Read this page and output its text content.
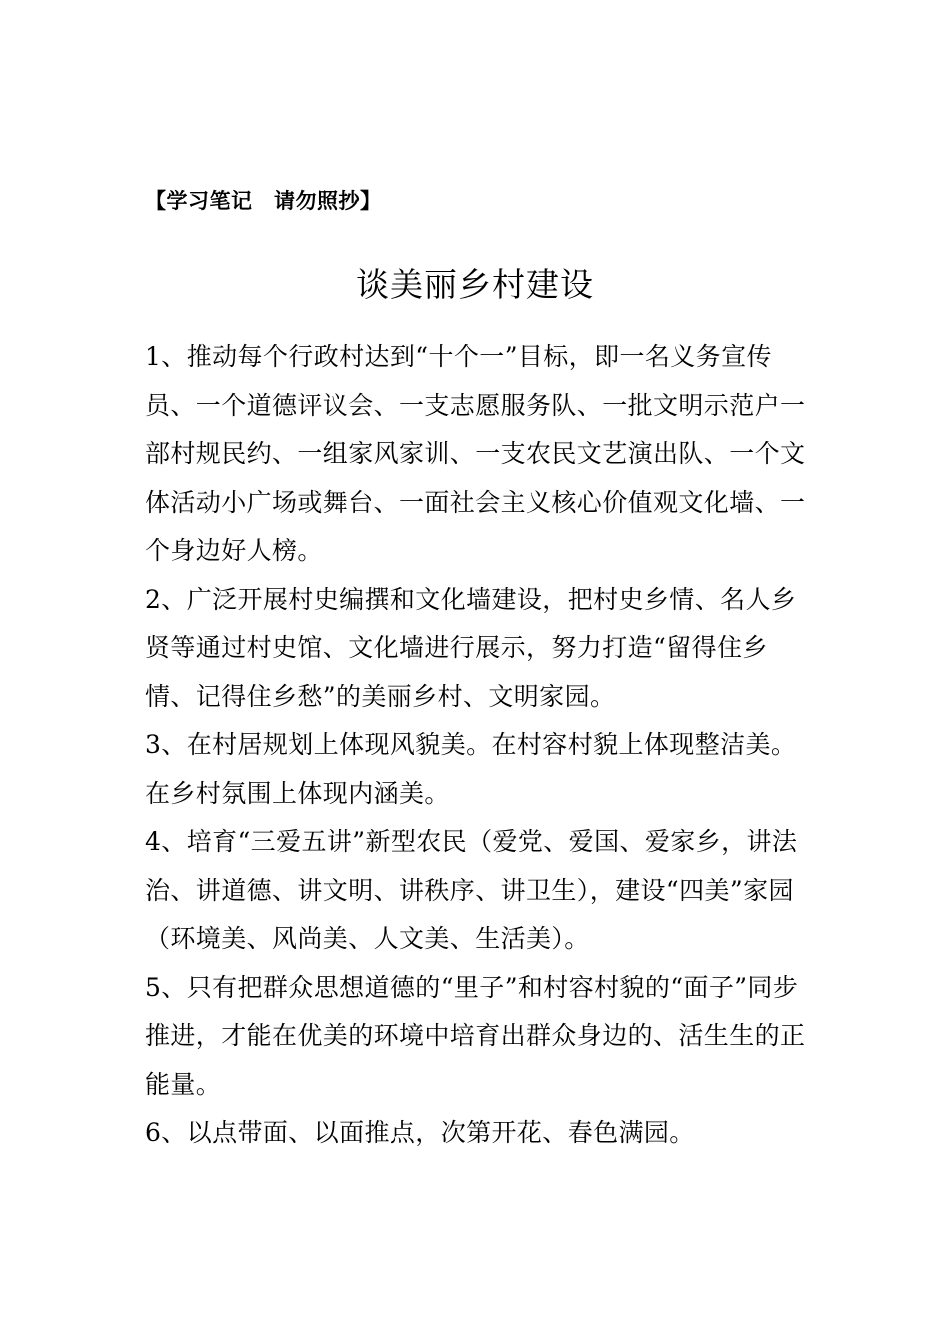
【学习笔记　请勿照抄】
谈美丽乡村建设

1、推动每个行政村达到“十个一”目标，即一名义务宣传员、一个道德评议会、一支志愿服务队、一批文明示范户一部村规民约、一组家风家训、一支农民文艺演出队、一个文体活动小广场或舞台、一面社会主义核心价值观文化墙、一个身边好人榜。

2、广泛开展村史编撰和文化墙建设，把村史乡情、名人乡贤等通过村史馆、文化墙进行展示，努力打造“留得住乡情、记得住乡愁”的美丽乡村、文明家园。

3、在村居规划上体现风貌美。在村容村貌上体现整洁美。在乡村氛围上体现内涵美。

4、培育“三爱五讲”新型农民（爱党、爱国、爱家乡，讲法治、讲道德、讲文明、讲秩序、讲卫生），建设“四美”家园（环境美、风尚美、人文美、生活美）。

5、只有把群众思想道德的“里子”和村容村貌的“面子”同步推进，才能在优美的环境中培育出群众身边的、活生生的正能量。

6、以点带面、以面推点，次第开花、春色满园。
